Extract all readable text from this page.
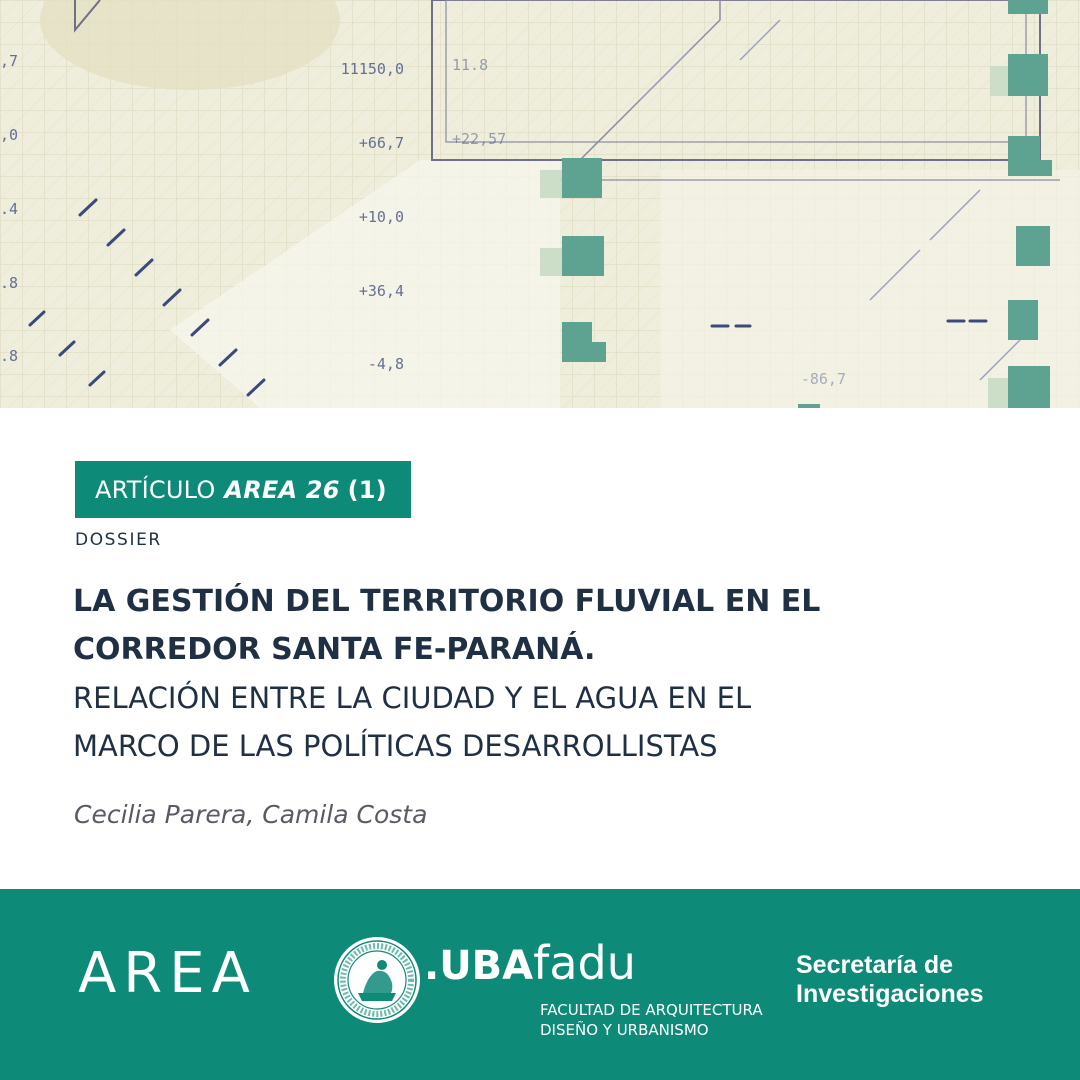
,7

,0

.4

.8

.8

11150,0

+66,7

+10,0

+36,4

-4,8

11.8

+22,57

-86,7

ARTÍCULO AREA 26 (1)
DOSSIER
LA GESTIÓN DEL TERRITORIO FLUVIAL EN EL
CORREDOR SANTA FE-PARANÁ.
RELACIÓN ENTRE LA CIUDAD Y EL AGUA EN EL
MARCO DE LAS POLÍTICAS DESARROLLISTAS
Cecilia Parera, Camila Costa
AREA	.UBAfadu
FACULTAD DE ARQUITECTURA
DISEÑO Y URBANISMO
Secretaría de
Investigaciones
